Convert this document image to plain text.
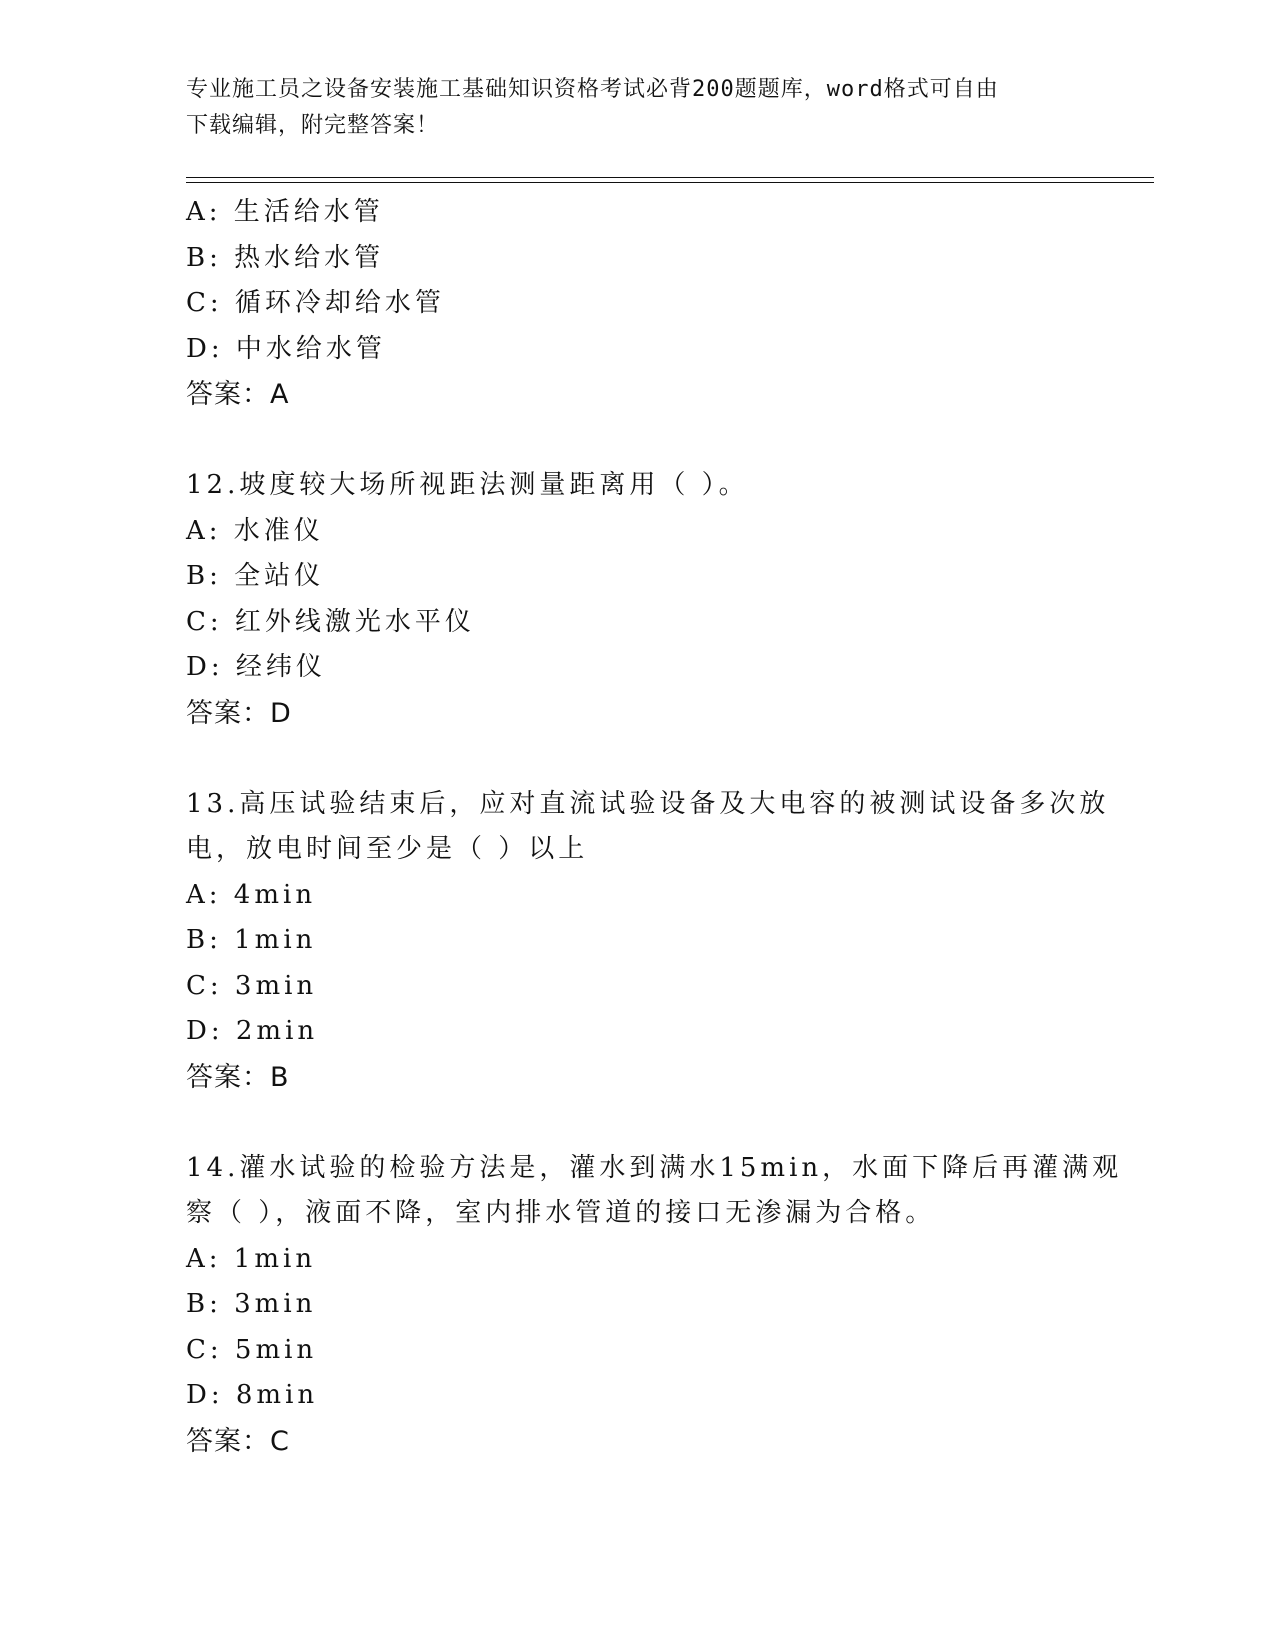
专业施工员之设备安装施工基础知识资格考试必背200题题库，word格式可自由
下载编辑，附完整答案！
A: 生活给水管
B: 热水给水管
C: 循环冷却给水管
D: 中水给水管
答案：A
12.坡度较大场所视距法测量距离用（ ）。
A: 水准仪
B: 全站仪
C: 红外线激光水平仪
D: 经纬仪
答案：D
13.高压试验结束后，应对直流试验设备及大电容的被测试设备多次放
电，放电时间至少是（ ）以上
A: 4min
B: 1min
C: 3min
D: 2min
答案：B
14.灌水试验的检验方法是，灌水到满水15min，水面下降后再灌满观
察（ ），液面不降，室内排水管道的接口无渗漏为合格。
A: 1min
B: 3min
C: 5min
D: 8min
答案：C
